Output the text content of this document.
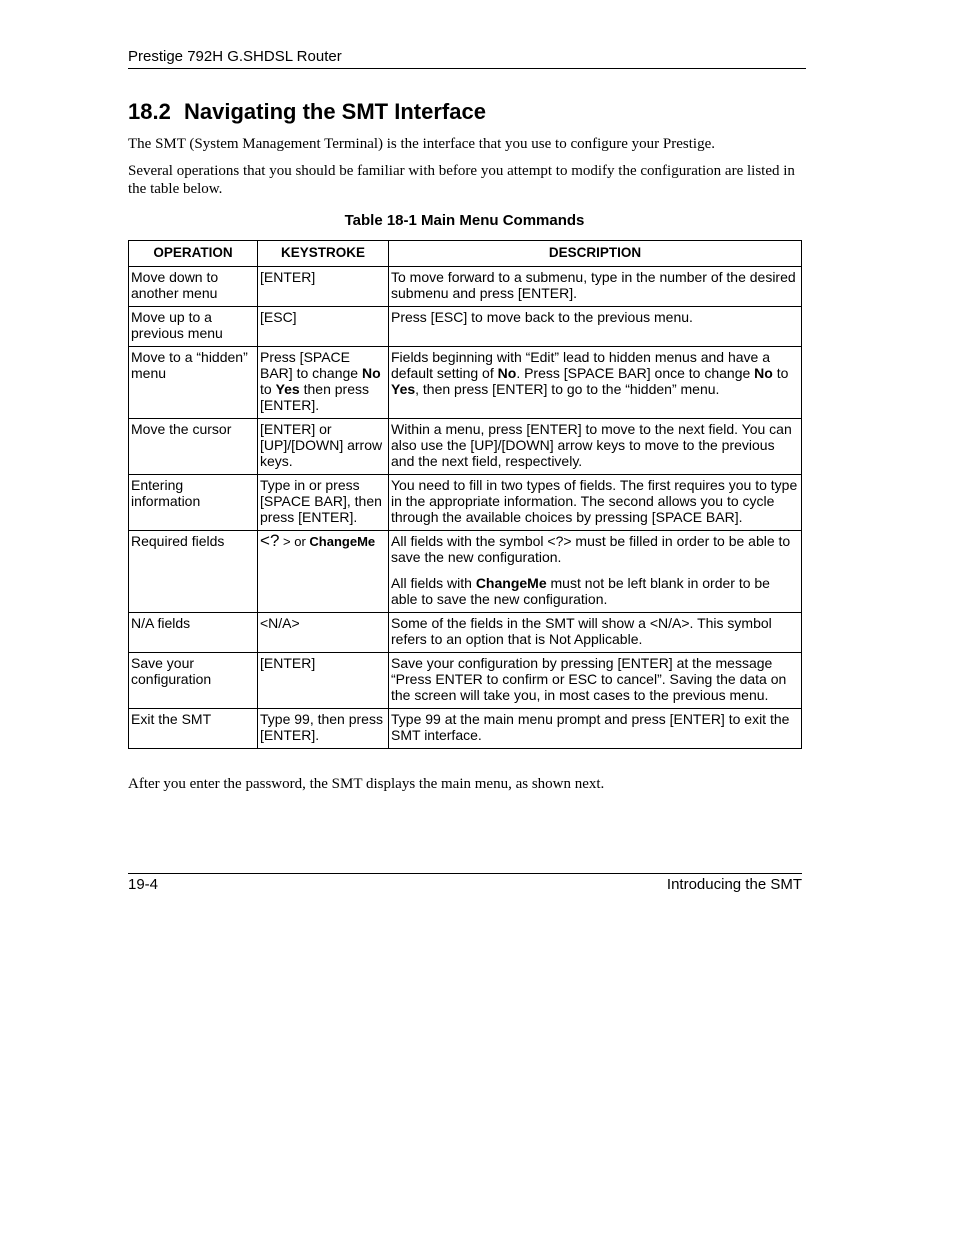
Prestige 792H G.SHDSL Router
18.2 Navigating the SMT Interface

The SMT (System Management Terminal) is the interface that you use to configure your Prestige.

Several operations that you should be familiar with before you attempt to modify the configuration are listed in the table below.

Table 18-1 Main Menu Commands
OPERATION	KEYSTROKE	DESCRIPTION
Move down to another menu	[ENTER]	To move forward to a submenu, type in the number of the desired submenu and press [ENTER].
Move up to a previous menu	[ESC]	Press [ESC] to move back to the previous menu.
Move to a “hidden” menu	Press [SPACE BAR] to change No to Yes then press [ENTER].	Fields beginning with “Edit” lead to hidden menus and have a default setting of No. Press [SPACE BAR] once to change No to Yes, then press [ENTER] to go to the “hidden” menu.
Move the cursor	[ENTER] or [UP]/[DOWN] arrow keys.	Within a menu, press [ENTER] to move to the next field. You can also use the [UP]/[DOWN] arrow keys to move to the previous and the next field, respectively.
Entering information	Type in or press [SPACE BAR], then press [ENTER].	You need to fill in two types of fields. The first requires you to type in the appropriate information. The second allows you to cycle through the available choices by pressing [SPACE BAR].
Required fields	<? > or ChangeMe	All fields with the symbol <?> must be filled in order to be able to save the new configuration.

All fields with ChangeMe must not be left blank in order to be able to save the new configuration.

N/A fields	<N/A>	Some of the fields in the SMT will show a <N/A>. This symbol refers to an option that is Not Applicable.
Save your configuration	[ENTER]	Save your configuration by pressing [ENTER] at the message “Press ENTER to confirm or ESC to cancel”. Saving the data on the screen will take you, in most cases to the previous menu.
Exit the SMT	Type 99, then press [ENTER].	Type 99 at the main menu prompt and press [ENTER] to exit the SMT interface.

After you enter the password, the SMT displays the main menu, as shown next.

19-4	Introducing the SMT
